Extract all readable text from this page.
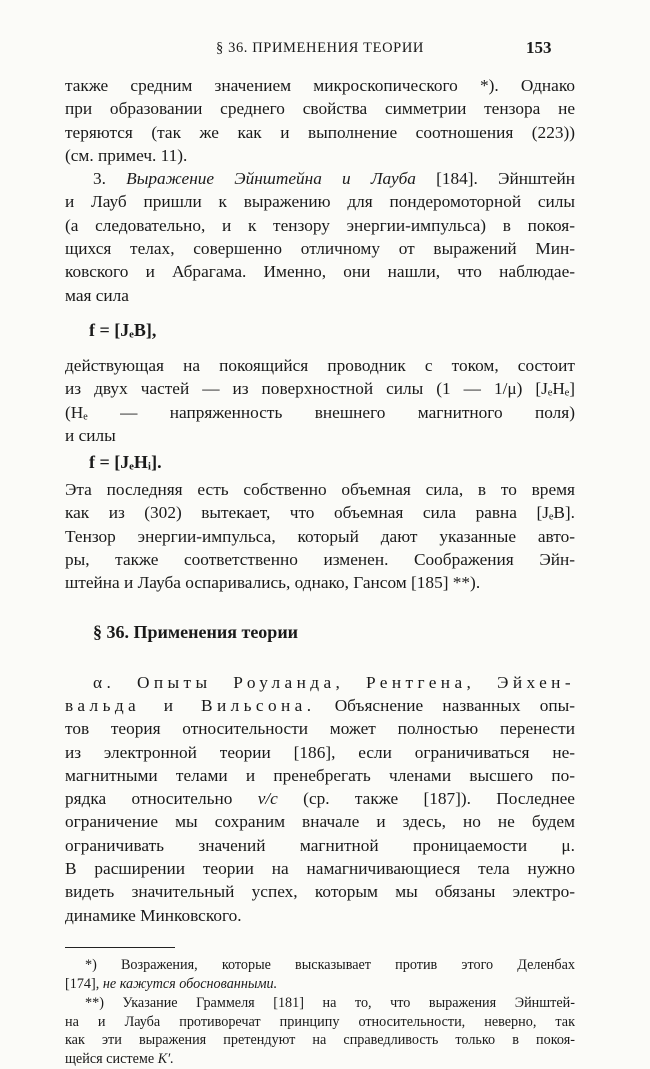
§ 36. ПРИМЕНЕНИЯ ТЕОРИИ	153
также средним значением микроскопического *). Однако
при образовании среднего свойства симметрии тензора не
теряются (так же как и выполнение соотношения (223))
(см. примеч. 11).
3. Выражение Эйнштейна и Лауба [184]. Эйнштейн
и Лауб пришли к выражению для пондеромоторной силы
(а следовательно, и к тензору энергии-импульса) в покоя-
щихся телах, совершенно отличному от выражений Мин-
ковского и Абрагама. Именно, они нашли, что наблюдае-
мая сила
f = [JₑB],
действующая на покоящийся проводник с током, состоит
из двух частей — из поверхностной силы (1 — 1/μ) [JₑHₑ]
(Hₑ — напряженность внешнего магнитного поля)
и силы
f = [JₑHᵢ].
Эта последняя есть собственно объемная сила, в то время
как из (302) вытекает, что объемная сила равна [JₑB].
Тензор энергии-импульса, который дают указанные авто-
ры, также соответственно изменен. Соображения Эйн-
штейна и Лауба оспаривались, однако, Гансом [185] **).
§ 36. Применения теории
α. Опыты Роуланда, Рентгена, Эйхен-
вальда и Вильсона. Объяснение названных опы-
тов теория относительности может полностью перенести
из электронной теории [186], если ограничиваться не-
магнитными телами и пренебрегать членами высшего по-
рядка относительно v/c (ср. также [187]). Последнее
ограничение мы сохраним вначале и здесь, но не будем
ограничивать значений магнитной проницаемости μ.
В расширении теории на намагничивающиеся тела нужно
видеть значительный успех, которым мы обязаны электро-
динамике Минковского.
*) Возражения, которые высказывает против этого Деленбах
[174], не кажутся обоснованными.
**) Указание Граммеля [181] на то, что выражения Эйнштей-
на и Лауба противоречат принципу относительности, неверно, так
как эти выражения претендуют на справедливость только в покоя-
щейся системе K′.
